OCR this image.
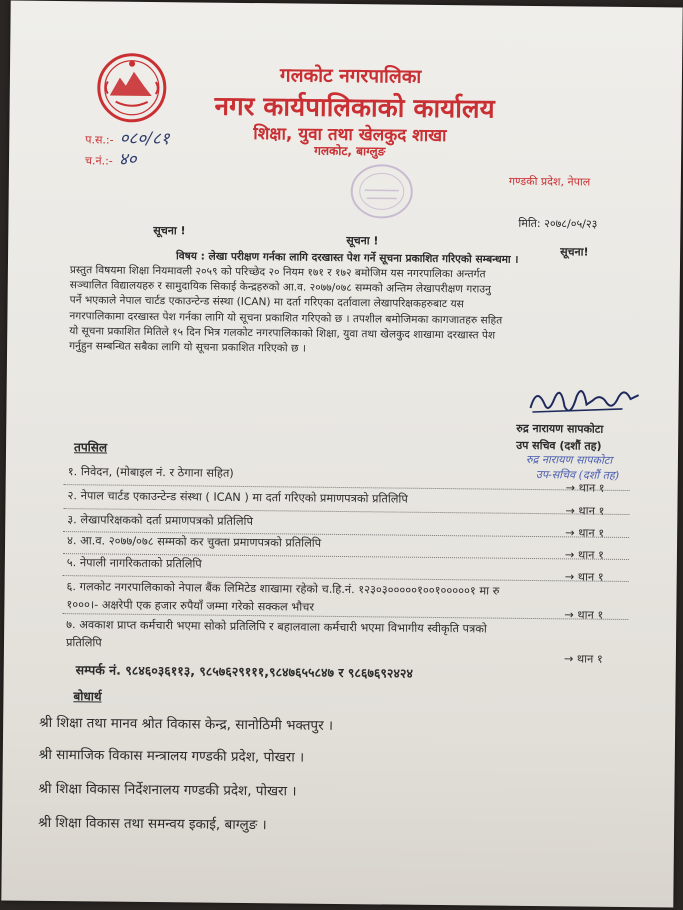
गलकोट नगरपालिका
नगर कार्यपालिकाको कार्यालय
शिक्षा, युवा तथा खेलकुद शाखा
गलकोट, बाग्लुङ
प.स.:- ०८०/८१
च.नं.:- ४०
गण्डकी प्रदेश, नेपाल
मिति: २०७८/०५/२३
सूचना !
सूचना !
सूचना!
विषय : लेखा परीक्षण गर्नका लागि दरखास्त पेश गर्ने सूचना प्रकाशित गरिएको सम्बन्धमा ।
प्रस्तुत विषयमा शिक्षा नियमावली २०५९ को परिच्छेद २० नियम १७१ र १७२ बमोजिम यस नगरपालिका अन्तर्गत
सञ्चालित विद्यालयहरु र सामुदायिक सिकाई केन्द्रहरुको आ.व. २०७७/०७८ सम्मको अन्तिम लेखापरीक्षण गराउनु
पर्ने भएकाले नेपाल चार्टड एकाउन्टेन्ड संस्था (ICAN) मा दर्ता गरिएका दर्तावाला लेखापरिक्षकहरुबाट यस
नगरपालिकामा दरखास्त पेश गर्नका लागि यो सूचना प्रकाशित गरिएको छ । तपशील बमोजिमका कागजातहरु सहित
यो सूचना प्रकाशित मितिले १५ दिन भित्र गलकोट नगरपालिकाको शिक्षा, युवा तथा खेलकुद शाखामा दरखास्त पेश
गर्नुहुन सम्बन्धित सबैका लागि यो सूचना प्रकाशित गरिएको छ ।
रुद्र नारायण सापकोटा
उप सचिव (दशौं तह)
रुद्र नारायण सापकोटा
उप-सचिव (दशौं तह)
तपसिल
१. निवेदन, (मोबाइल नं. र ठेगाना सहित)
→ थान १
२. नेपाल चार्टड एकाउन्टेन्ड संस्था ( ICAN ) मा दर्ता गरिएको प्रमाणपत्रको प्रतिलिपि
→ थान १
३. लेखापरिक्षकको दर्ता प्रमाणपत्रको प्रतिलिपि
→ थान १
४. आ.व. २०७७/०७८ सम्मको कर चुक्ता प्रमाणपत्रको प्रतिलिपि
→ थान १
५. नेपाली नागरिकताको प्रतिलिपि
→ थान १
६. गलकोट नगरपालिकाको नेपाल बैंक लिमिटेड शाखामा रहेको च.हि.नं. १२३०३०००००१००१०००००१ मा रु
१०००।- अक्षरेपी एक हजार रुपैयाँ जम्मा गरेको सक्कल भौचर
→ थान १
७. अवकाश प्राप्त कर्मचारी भएमा सोको प्रतिलिपि र बहालवाला कर्मचारी भएमा विभागीय स्वीकृति पत्रको
प्रतिलिपि
→ थान १
सम्पर्क नं. ९८४६०३६११३, ९८५७६२९१११,९८४७६५५८४७ र ९८६७६९२४२४
बोधार्थ
श्री शिक्षा तथा मानव श्रोत विकास केन्द्र, सानोठिमी भक्तपुर ।
श्री सामाजिक विकास मन्त्रालय गण्डकी प्रदेश, पोखरा ।
श्री शिक्षा विकास निर्देशनालय गण्डकी प्रदेश, पोखरा ।
श्री शिक्षा विकास तथा समन्वय इकाई, बाग्लुङ ।
